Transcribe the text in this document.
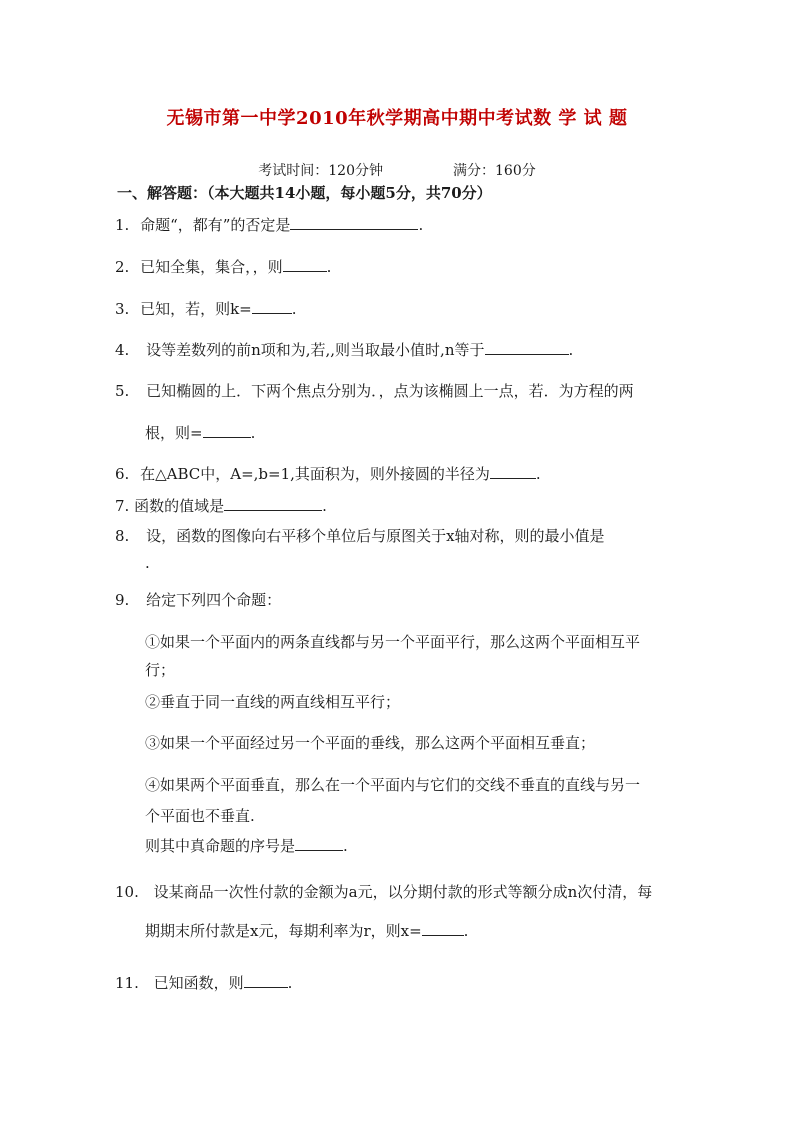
无锡市第一中学2010年秋学期高中期中考试数 学 试 题
考试时间：120分钟	满分：160分
一、解答题：（本大题共14小题，每小题5分，共70分）
1. 命题“，都有”的否定是	.
2. 已知全集，集合，，则	.
3. 已知，若，则k=	.
4. 设等差数列的前n项和为,若,,则当取最小值时,n等于	.
5. 已知椭圆的上．下两个焦点分别为．，点为该椭圆上一点，若．为方程的两
根，则=	.
6. 在△ABC中，A=,b=1,其面积为，则外接圆的半径为	.
7. 函数的值域是	.
8. 设，函数的图像向右平移个单位后与原图关于x轴对称，则的最小值是
.
9. 给定下列四个命题：
①如果一个平面内的两条直线都与另一个平面平行，那么这两个平面相互平
行；
②垂直于同一直线的两直线相互平行；
③如果一个平面经过另一个平面的垂线，那么这两个平面相互垂直；
④如果两个平面垂直，那么在一个平面内与它们的交线不垂直的直线与另一
个平面也不垂直.
则其中真命题的序号是	.
10. 设某商品一次性付款的金额为a元，以分期付款的形式等额分成n次付清，每
期期末所付款是x元，每期利率为r，则x=	.
11. 已知函数，则	.
